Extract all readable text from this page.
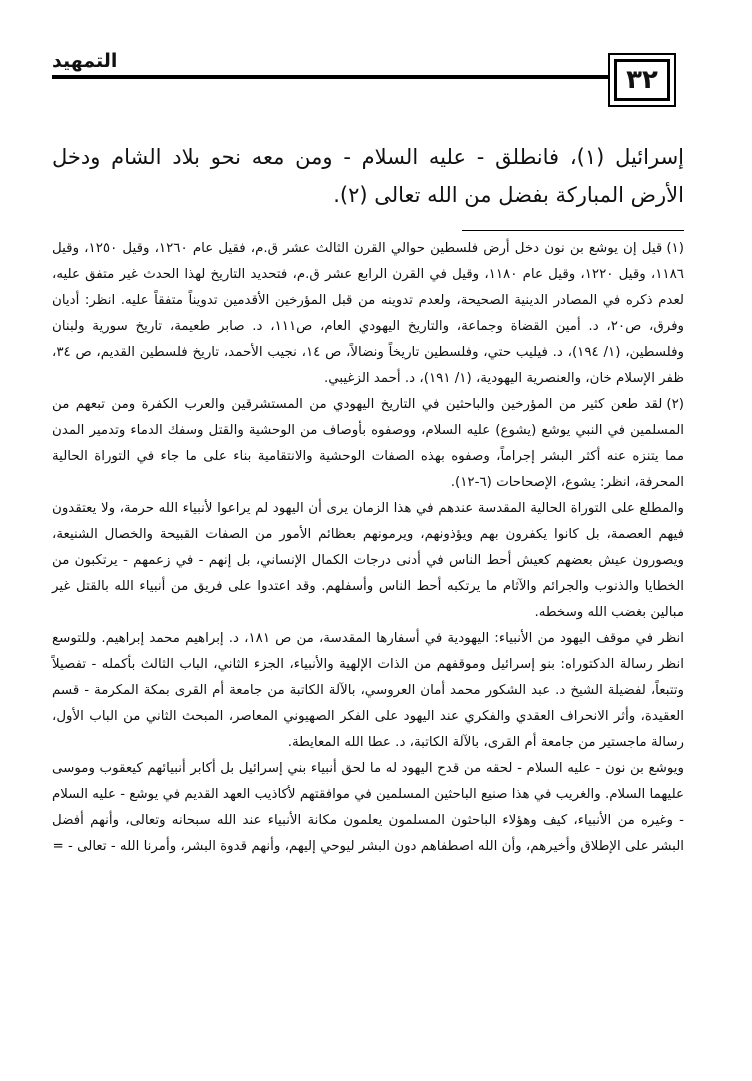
التمهيد
٣٢

إسرائيل (١)، فانطلق - عليه السلام - ومن معه نحو بلاد الشام ودخل الأرض المباركة بفضل من الله تعالى (٢).

(١)قيل إن يوشع بن نون دخل أرض فلسطين حوالي القرن الثالث عشر ق.م، فقيل عام ١٢٦٠، وقيل ١٢٥٠، وقيل ١١٨٦، وقيل ١٢٢٠، وقيل عام ١١٨٠، وقيل في القرن الرابع عشر ق.م، فتحديد التاريخ لهذا الحدث غير متفق عليه، لعدم ذكره في المصادر الدينية الصحيحة، ولعدم تدوينه من قبل المؤرخين الأقدمين تدويناً متفقاً عليه. انظر: أديان وفرق، ص٢٠، د. أمين القضاة وجماعة، والتاريخ اليهودي العام، ص١١١، د. صابر طعيمة، تاريخ سورية ولبنان وفلسطين، (١/ ١٩٤)، د. فيليب حتي، وفلسطين تاريخاً ونضالاً، ص ١٤، نجيب الأحمد، تاريخ فلسطين القديم، ص ٣٤، ظفر الإسلام خان، والعنصرية اليهودية، (١/ ١٩١)، د. أحمد الزغيبي.

(٢)لقد طعن كثير من المؤرخين والباحثين في التاريخ اليهودي من المستشرقين والعرب الكفرة ومن تبعهم من المسلمين في النبي يوشع (يشوع) عليه السلام، ووصفوه بأوصاف من الوحشية والقتل وسفك الدماء وتدمير المدن مما يتنزه عنه أكثر البشر إجراماً، وصفوه بهذه الصفات الوحشية والانتقامية بناء على ما جاء في التوراة الحالية المحرفة، انظر: يشوع، الإصحاحات (٦-١٢).

والمطلع على التوراة الحالية المقدسة عندهم في هذا الزمان يرى أن اليهود لم يراعوا لأنبياء الله حرمة، ولا يعتقدون فيهم العصمة، بل كانوا يكفرون بهم ويؤذونهم، ويرمونهم بعظائم الأمور من الصفات القبيحة والخصال الشنيعة، ويصورون عيش بعضهم كعيش أحط الناس في أدنى درجات الكمال الإنساني، بل إنهم - في زعمهم - يرتكبون من الخطايا والذنوب والجرائم والآثام ما يرتكبه أحط الناس وأسفلهم. وقد اعتدوا على فريق من أنبياء الله بالقتل غير مبالين بغضب الله وسخطه.

انظر في موقف اليهود من الأنبياء: اليهودية في أسفارها المقدسة، من ص ١٨١، د. إبراهيم محمد إبراهيم. وللتوسع انظر رسالة الدكتوراه: بنو إسرائيل وموقفهم من الذات الإلهية والأنبياء، الجزء الثاني، الباب الثالث بأكمله - تفصيلاً وتتبعاً، لفضيلة الشيخ د. عبد الشكور محمد أمان العروسي، بالآلة الكاتبة من جامعة أم القرى بمكة المكرمة - قسم العقيدة، وأثر الانحراف العقدي والفكري عند اليهود على الفكر الصهيوني المعاصر، المبحث الثاني من الباب الأول، رسالة ماجستير من جامعة أم القرى، بالآلة الكاتبة، د. عطا الله المعايطة.

ويوشع بن نون - عليه السلام - لحقه من قدح اليهود له ما لحق أنبياء بني إسرائيل بل أكابر أنبيائهم كيعقوب وموسى عليهما السلام. والغريب في هذا صنيع الباحثين المسلمين في موافقتهم لأكاذيب العهد القديم في يوشع - عليه السلام - وغيره من الأنبياء، كيف وهؤلاء الباحثون المسلمون يعلمون مكانة الأنبياء عند الله سبحانه وتعالى، وأنهم أفضل البشر على الإطلاق وأخيرهم، وأن الله اصطفاهم دون البشر ليوحي إليهم، وأنهم قدوة البشر، وأمرنا الله - تعالى - =
